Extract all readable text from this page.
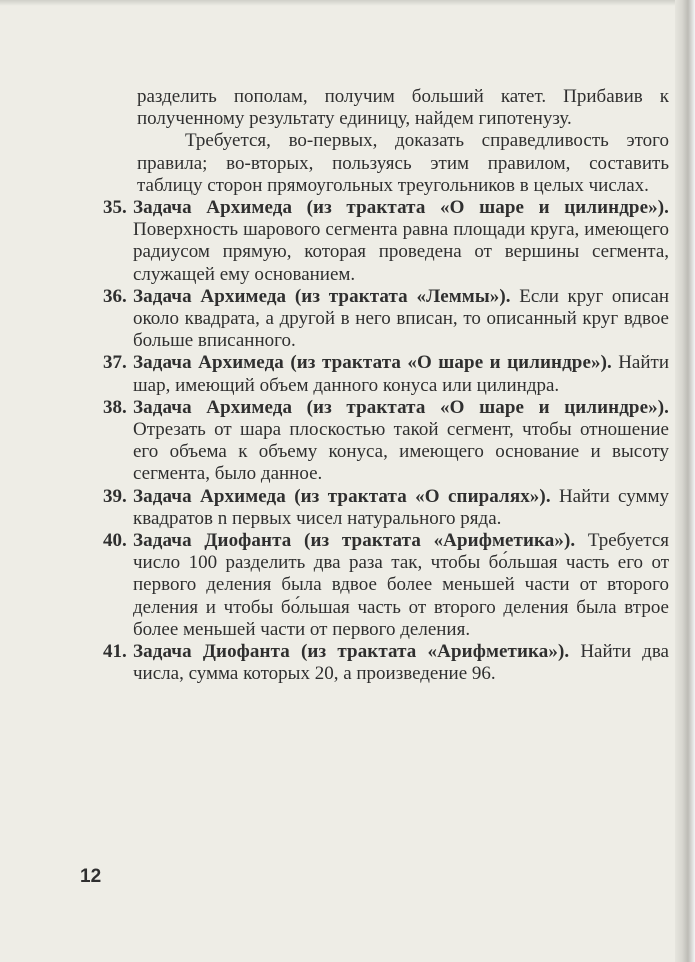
разделить пополам, получим больший катет. Прибавив к полученному результату единицу, найдем гипотенузу.

Требуется, во-первых, доказать справедливость этого правила; во-вторых, пользуясь этим правилом, составить таблицу сторон прямоугольных треугольников в целых числах.

35. Задача Архимеда (из трактата «О шаре и цилиндре»). Поверхность шарового сегмента равна площади круга, имеющего радиусом прямую, которая проведена от вершины сегмента, служащей ему основанием.
36. Задача Архимеда (из трактата «Леммы»). Если круг описан около квадрата, а другой в него вписан, то описанный круг вдвое больше вписанного.
37. Задача Архимеда (из трактата «О шаре и цилиндре»). Найти шар, имеющий объем данного конуса или цилиндра.
38. Задача Архимеда (из трактата «О шаре и цилиндре»). Отрезать от шара плоскостью такой сегмент, чтобы отношение его объема к объему конуса, имеющего основание и высоту сегмента, было данное.
39. Задача Архимеда (из трактата «О спиралях»). Найти сумму квадратов n первых чисел натурального ряда.
40. Задача Диофанта (из трактата «Арифметика»). Требуется число 100 разделить два раза так, чтобы бо́льшая часть его от первого деления была вдвое более меньшей части от второго деления и чтобы бо́льшая часть от второго деления была втрое более меньшей части от первого деления.
41. Задача Диофанта (из трактата «Арифметика»). Найти два числа, сумма которых 20, а произведение 96.
12
